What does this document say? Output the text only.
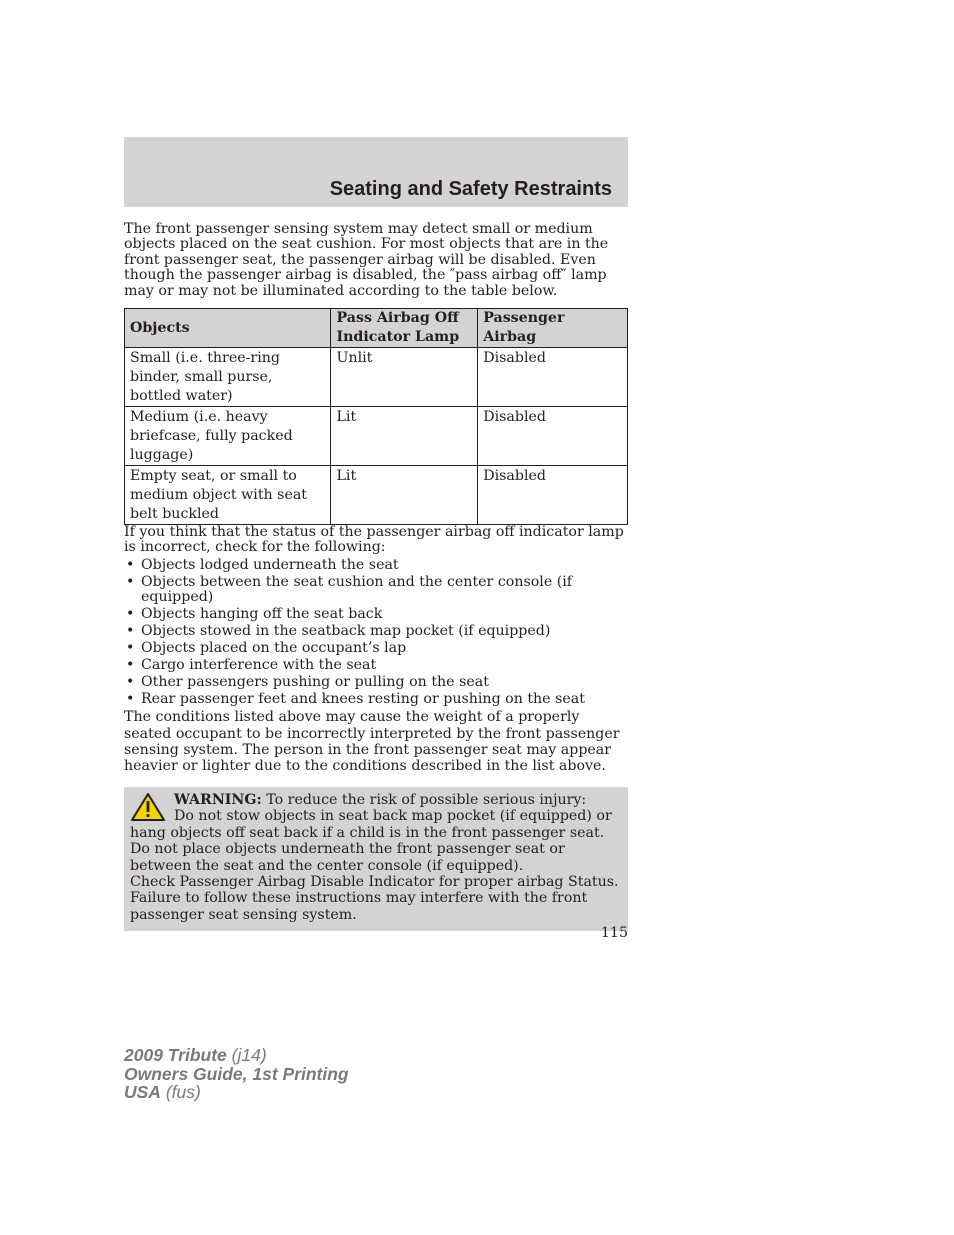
Seating and Safety Restraints

The front passenger sensing system may detect small or medium objects placed on the seat cushion. For most objects that are in the front passenger seat, the passenger airbag will be disabled. Even though the passenger airbag is disabled, the ″pass airbag off″ lamp may or may not be illuminated according to the table below.

Objects	Pass Airbag Off Indicator Lamp	Passenger Airbag
Small (i.e. three-ring binder, small purse, bottled water)	Unlit	Disabled
Medium (i.e. heavy briefcase, fully packed luggage)	Lit	Disabled
Empty seat, or small to medium object with seat belt buckled	Lit	Disabled

If you think that the status of the passenger airbag off indicator lamp is incorrect, check for the following:

• Objects lodged underneath the seat
• Objects between the seat cushion and the center console (if equipped)
• Objects hanging off the seat back
• Objects stowed in the seatback map pocket (if equipped)
• Objects placed on the occupant’s lap
• Cargo interference with the seat
• Other passengers pushing or pulling on the seat
• Rear passenger feet and knees resting or pushing on the seat

The conditions listed above may cause the weight of a properly seated occupant to be incorrectly interpreted by the front passenger sensing system. The person in the front passenger seat may appear heavier or lighter due to the conditions described in the list above.

WARNING: To reduce the risk of possible serious injury:

Do not stow objects in seat back map pocket (if equipped) or hang objects off seat back if a child is in the front passenger seat.

Do not place objects underneath the front passenger seat or between the seat and the center console (if equipped).

Check Passenger Airbag Disable Indicator for proper airbag Status. Failure to follow these instructions may interfere with the front passenger seat sensing system.

115
2009 Tribute (j14)
Owners Guide, 1st Printing
USA (fus)
